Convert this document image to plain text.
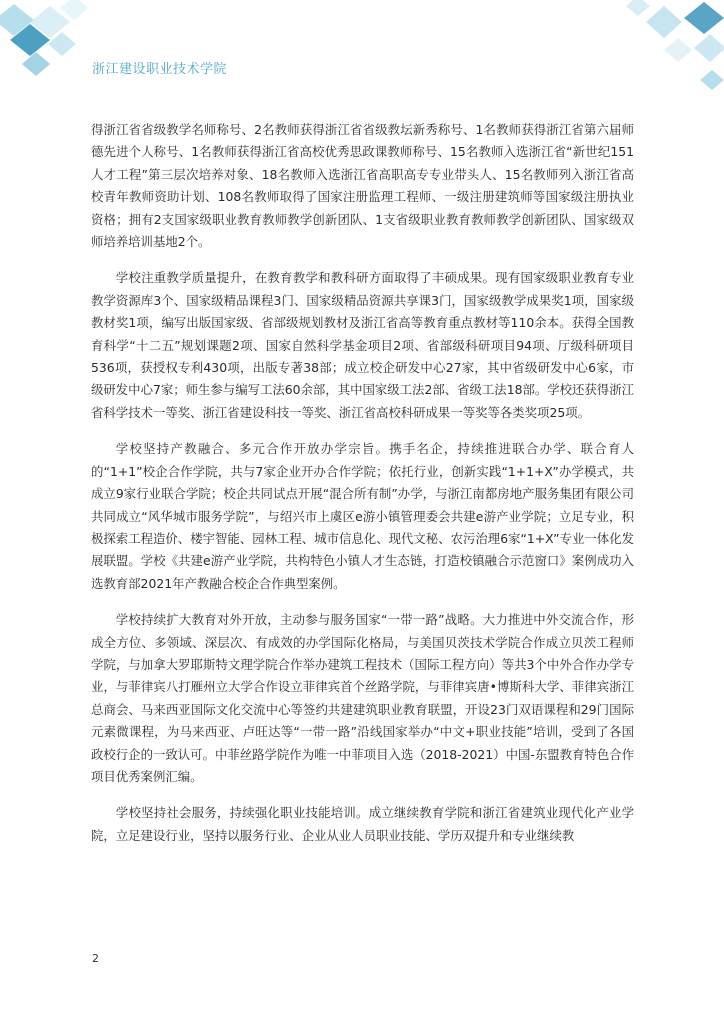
浙江建设职业技术学院

得浙江省省级教学名师称号、2名教师获得浙江省省级教坛新秀称号、1名教师获得浙江省第六届师德先进个人称号、1名教师获得浙江省高校优秀思政课教师称号、15名教师入选浙江省“新世纪151人才工程”第三层次培养对象、18名教师入选浙江省高职高专专业带头人、15名教师列入浙江省高校青年教师资助计划、108名教师取得了国家注册监理工程师、一级注册建筑师等国家级注册执业资格；拥有2支国家级职业教育教师教学创新团队、1支省级职业教育教师教学创新团队、国家级双师培养培训基地2个。

学校注重教学质量提升，在教育教学和教科研方面取得了丰硕成果。现有国家级职业教育专业教学资源库3个、国家级精品课程3门、国家级精品资源共享课3门，国家级教学成果奖1项，国家级教材奖1项，编写出版国家级、省部级规划教材及浙江省高等教育重点教材等110余本。获得全国教育科学“十二五”规划课题2项、国家自然科学基金项目2项、省部级科研项目94项、厅级科研项目536项，获授权专利430项，出版专著38部；成立校企研发中心27家，其中省级研发中心6家，市级研发中心7家；师生参与编写工法60余部，其中国家级工法2部、省级工法18部。学校还获得浙江省科学技术一等奖、浙江省建设科技一等奖、浙江省高校科研成果一等奖等各类奖项25项。

学校坚持产教融合、多元合作开放办学宗旨。携手名企，持续推进联合办学、联合育人的“1+1”校企合作学院，共与7家企业开办合作学院；依托行业，创新实践“1+1+X”办学模式，共成立9家行业联合学院；校企共同试点开展“混合所有制”办学，与浙江南都房地产服务集团有限公司共同成立“风华城市服务学院”，与绍兴市上虞区e游小镇管理委会共建e游产业学院；立足专业，积极探索工程造价、楼宇智能、园林工程、城市信息化、现代文秘、农污治理6家“1+X”专业一体化发展联盟。学校《共建e游产业学院，共构特色小镇人才生态链，打造校镇融合示范窗口》案例成功入选教育部2021年产教融合校企合作典型案例。

学校持续扩大教育对外开放，主动参与服务国家“一带一路”战略。大力推进中外交流合作，形成全方位、多领域、深层次、有成效的办学国际化格局，与美国贝茨技术学院合作成立贝茨工程师学院，与加拿大罗耶斯特文理学院合作举办建筑工程技术（国际工程方向）等共3个中外合作办学专业，与菲律宾八打雁州立大学合作设立菲律宾首个丝路学院，与菲律宾唐•博斯科大学、菲律宾浙江总商会、马来西亚国际文化交流中心等签约共建建筑职业教育联盟，开设23门双语课程和29门国际元素微课程，为马来西亚、卢旺达等“一带一路”沿线国家举办“中文+职业技能”培训，受到了各国政校行企的一致认可。中菲丝路学院作为唯一中菲项目入选（2018-2021）中国-东盟教育特色合作项目优秀案例汇编。

学校坚持社会服务，持续强化职业技能培训。成立继续教育学院和浙江省建筑业现代化产业学院，立足建设行业，坚持以服务行业、企业从业人员职业技能、学历双提升和专业继续教

2
